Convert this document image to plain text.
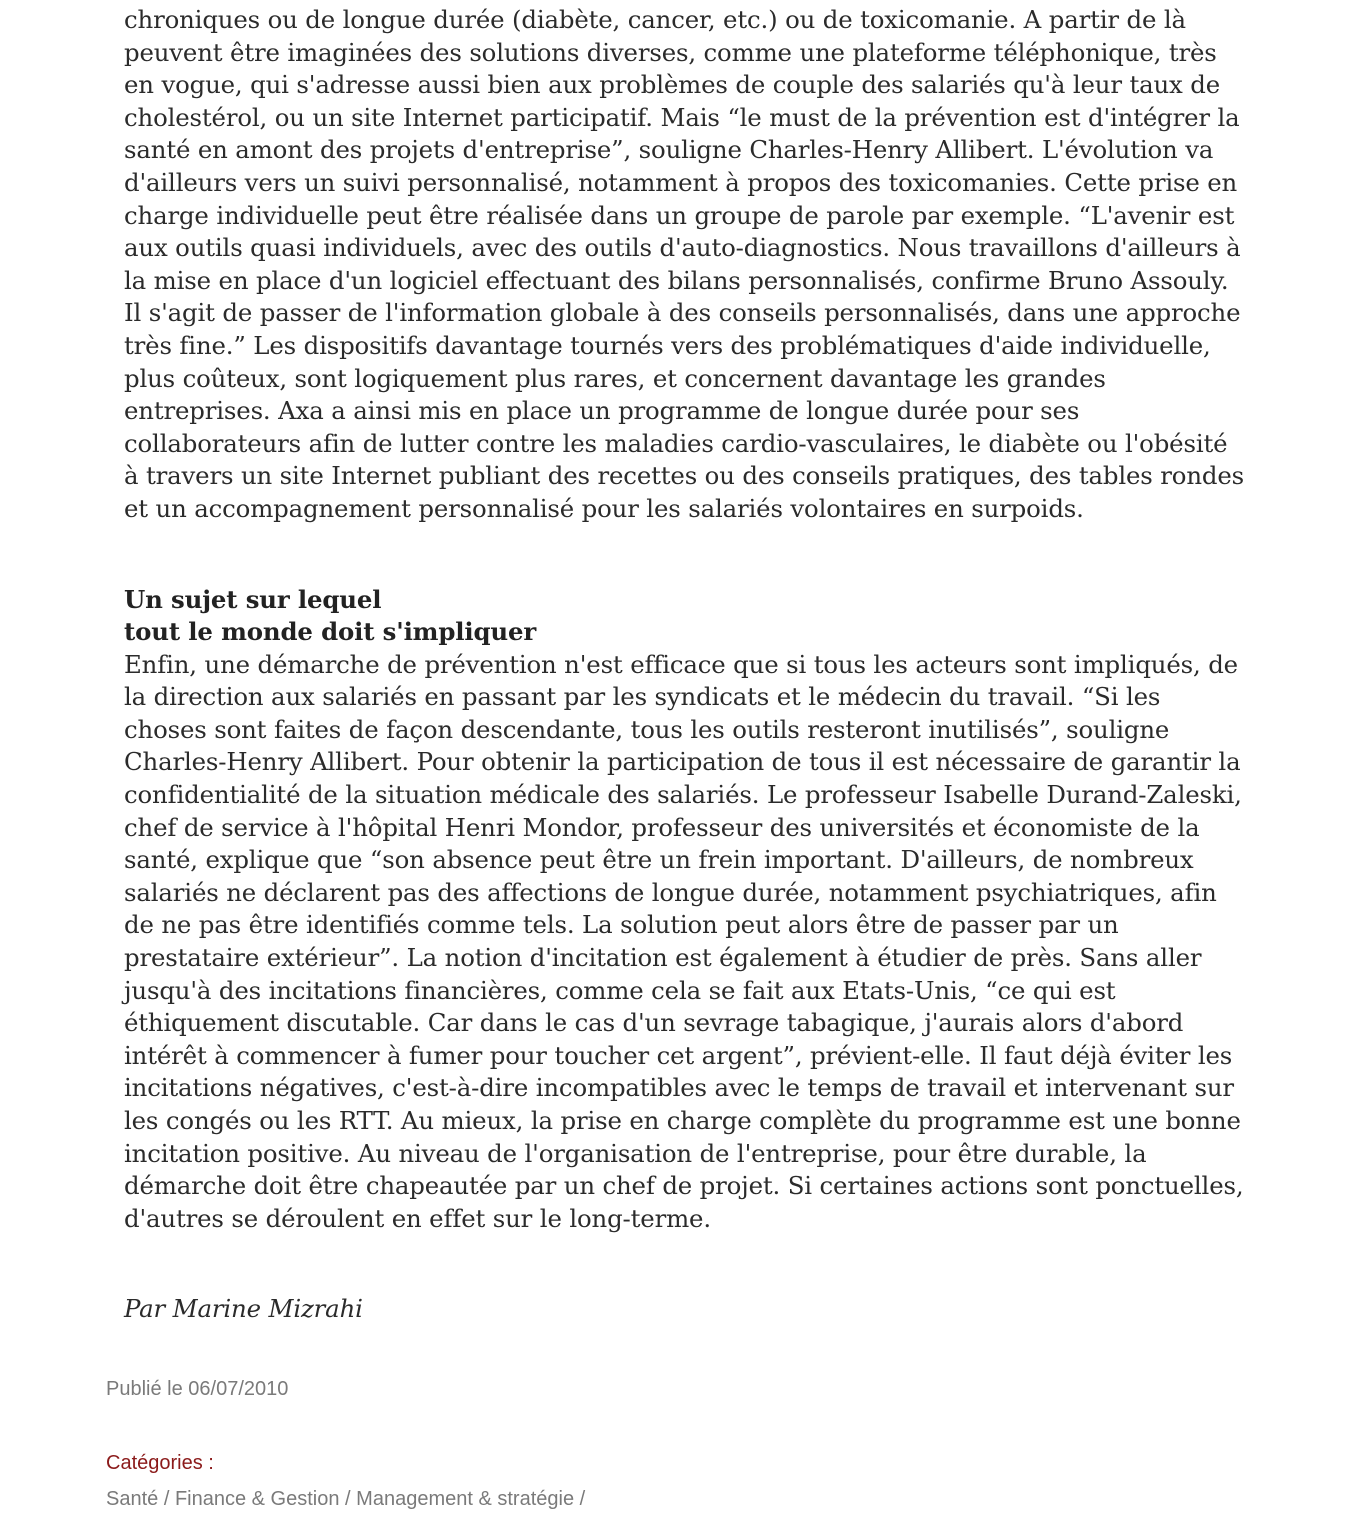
chroniques ou de longue durée (diabète, cancer, etc.) ou de toxicomanie. A partir de là peuvent être imaginées des solutions diverses, comme une plateforme téléphonique, très en vogue, qui s'adresse aussi bien aux problèmes de couple des salariés qu'à leur taux de cholestérol, ou un site Internet participatif. Mais “le must de la prévention est d'intégrer la santé en amont des projets d'entreprise”, souligne Charles-Henry Allibert. L'évolution va d'ailleurs vers un suivi personnalisé, notamment à propos des toxicomanies. Cette prise en charge individuelle peut être réalisée dans un groupe de parole par exemple. “L'avenir est aux outils quasi individuels, avec des outils d'auto-diagnostics. Nous travaillons d'ailleurs à la mise en place d'un logiciel effectuant des bilans personnalisés, confirme Bruno Assouly. Il s'agit de passer de l'information globale à des conseils personnalisés, dans une approche très fine.” Les dispositifs davantage tournés vers des problématiques d'aide individuelle, plus coûteux, sont logiquement plus rares, et concernent davantage les grandes entreprises. Axa a ainsi mis en place un programme de longue durée pour ses collaborateurs afin de lutter contre les maladies cardio-vasculaires, le diabète ou l'obésité à travers un site Internet publiant des recettes ou des conseils pratiques, des tables rondes et un accompagnement personnalisé pour les salariés volontaires en surpoids.

Un sujet sur lequel
tout le monde doit s'impliquer

Enfin, une démarche de prévention n'est efficace que si tous les acteurs sont impliqués, de la direction aux salariés en passant par les syndicats et le médecin du travail. “Si les choses sont faites de façon descendante, tous les outils resteront inutilisés”, souligne Charles-Henry Allibert. Pour obtenir la participation de tous il est nécessaire de garantir la confidentialité de la situation médicale des salariés. Le professeur Isabelle Durand-Zaleski, chef de service à l'hôpital Henri Mondor, professeur des universités et économiste de la santé, explique que “son absence peut être un frein important. D'ailleurs, de nombreux salariés ne déclarent pas des affections de longue durée, notamment psychiatriques, afin de ne pas être identifiés comme tels. La solution peut alors être de passer par un prestataire extérieur”. La notion d'incitation est également à étudier de près. Sans aller jusqu'à des incitations financières, comme cela se fait aux Etats-Unis, “ce qui est éthiquement discutable. Car dans le cas d'un sevrage tabagique, j'aurais alors d'abord intérêt à commencer à fumer pour toucher cet argent”, prévient-elle. Il faut déjà éviter les incitations négatives, c'est-à-dire incompatibles avec le temps de travail et intervenant sur les congés ou les RTT. Au mieux, la prise en charge complète du programme est une bonne incitation positive. Au niveau de l'organisation de l'entreprise, pour être durable, la démarche doit être chapeautée par un chef de projet. Si certaines actions sont ponctuelles, d'autres se déroulent en effet sur le long-terme.

Par Marine Mizrahi

Publié le 06/07/2010
Catégories :
Santé / Finance & Gestion / Management & stratégie /
